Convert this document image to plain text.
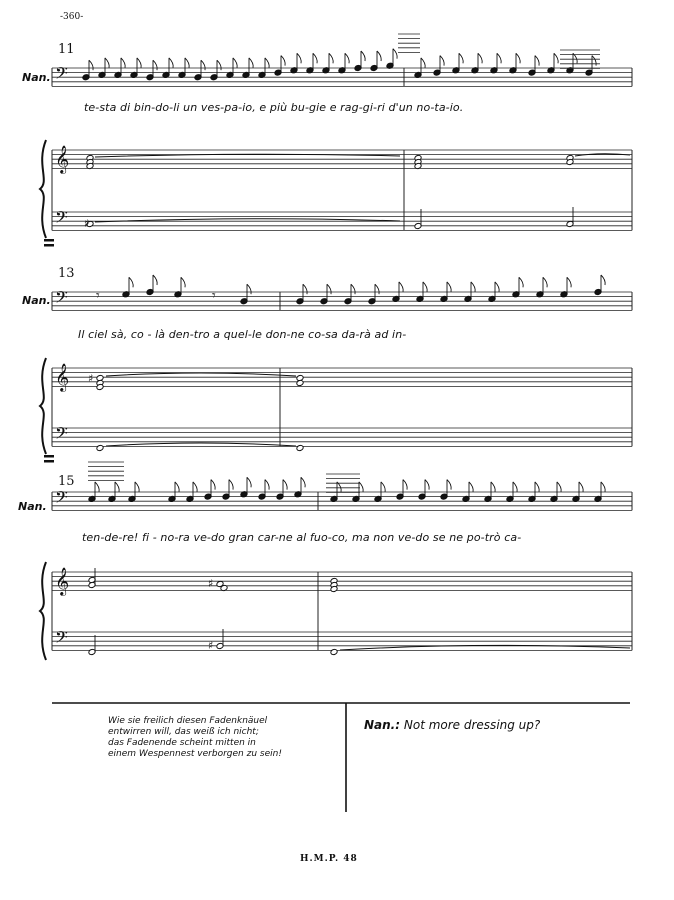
-360-
𝄢
𝄞
𝄢
𝄢
𝄞
𝄢
𝄢
𝄞
𝄢
♯
𝄾	𝄾
♯
♯
♯
11
Nan.
te-sta di bin-do-li un ves-pa-io, e più bu-gie e rag-gi-ri d'un no-ta-io.
13
Nan.
Il ciel sà, co - là den-tro a quel-le don-ne co-sa da-rà ad in-
15
Nan.
ten-de-re! fi - no-ra ve-do gran car-ne al fuo-co, ma non ve-do se ne po-trò ca-
Wie sie freilich diesen Fadenknäuel
entwirren will, das weiß ich nicht;
das Fadenende scheint mitten in
einem Wespennest verborgen zu sein!
Nan.: Not more dressing up?
H.M.P. 48
